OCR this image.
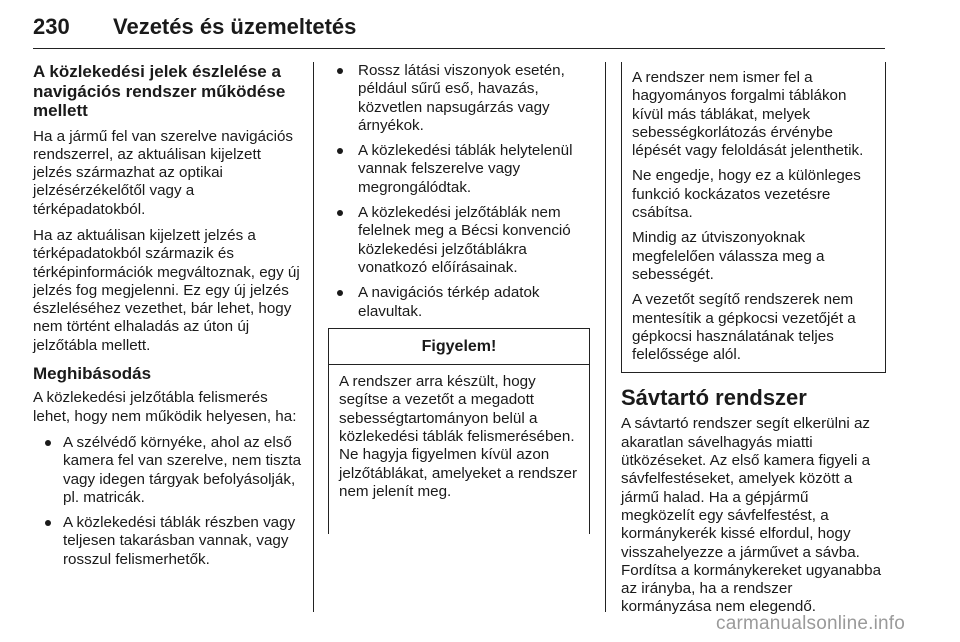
230 Vezetés és üzemeltetés
A közlekedési jelek észlelése a navigációs rendszer működése mellett

Ha a jármű fel van szerelve navigációs rendszerrel, az aktuálisan kijelzett jelzés származhat az optikai jelzésérzékelőtől vagy a térképadatokból.

Ha az aktuálisan kijelzett jelzés a térképadatokból származik és térképinformációk megváltoznak, egy új jelzés fog megjelenni. Ez egy új jelzés észleléséhez vezethet, bár lehet, hogy nem történt elhaladás az úton új jelzőtábla mellett.

Meghibásodás

A közlekedési jelzőtábla felismerés lehet, hogy nem működik helyesen, ha:

A szélvédő környéke, ahol az első kamera fel van szerelve, nem tiszta vagy idegen tárgyak befolyásolják, pl. matricák.
A közlekedési táblák részben vagy teljesen takarásban vannak, vagy rosszul felismerhetők.
Rossz látási viszonyok esetén, például sűrű eső, havazás, közvetlen napsugárzás vagy árnyékok.
A közlekedési táblák helytelenül vannak felszerelve vagy megrongálódtak.
A közlekedési jelzőtáblák nem felelnek meg a Bécsi konvenció közlekedési jelzőtáblákra vonatkozó előírásainak.
A navigációs térkép adatok elavultak.
Figyelem!
A rendszer arra készült, hogy segítse a vezetőt a megadott sebességtartományon belül a közlekedési táblák felismerésében. Ne hagyja figyelmen kívül azon jelzőtáblákat, amelyeket a rendszer nem jelenít meg.

A rendszer nem ismer fel a hagyományos forgalmi táblákon kívül más táblákat, melyek sebességkorlátozás érvénybe lépését vagy feloldását jelenthetik.

Ne engedje, hogy ez a különleges funkció kockázatos vezetésre csábítsa.

Mindig az útviszonyoknak megfelelően válassza meg a sebességét.

A vezetőt segítő rendszerek nem mentesítik a gépkocsi vezetőjét a gépkocsi használatának teljes felelőssége alól.

Sávtartó rendszer

A sávtartó rendszer segít elkerülni az akaratlan sávelhagyás miatti ütközéseket. Az első kamera figyeli a sávfelfestéseket, amelyek között a jármű halad. Ha a gépjármű megközelít egy sávfelfestést, a kormánykerék kissé elfordul, hogy visszahelyezze a járművet a sávba. Fordítsa a kormánykereket ugyanabba az irányba, ha a rendszer kormányzása nem elegendő.

carmanualsonline.info
